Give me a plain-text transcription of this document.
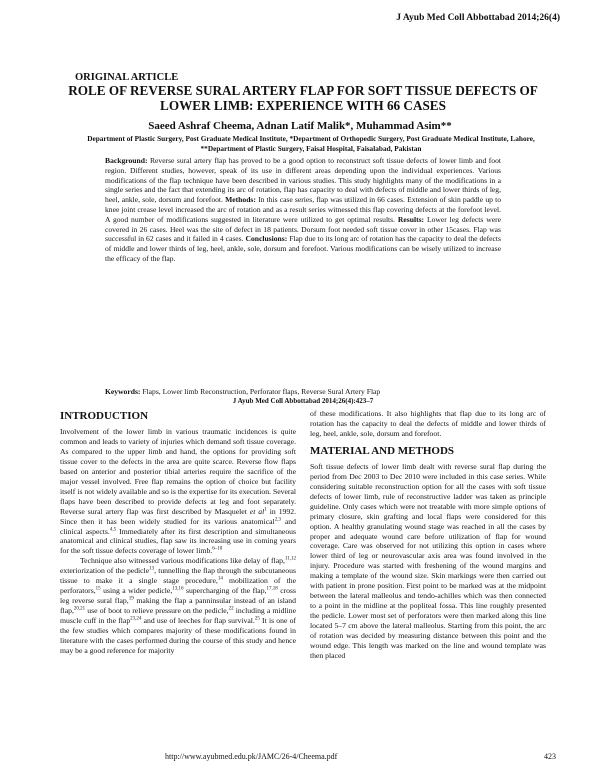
J Ayub Med Coll Abbottabad 2014;26(4)
ORIGINAL ARTICLE
ROLE OF REVERSE SURAL ARTERY FLAP FOR SOFT TISSUE DEFECTS OF LOWER LIMB: EXPERIENCE WITH 66 CASES
Saeed Ashraf Cheema, Adnan Latif Malik*, Muhammad Asim**
Department of Plastic Surgery, Post Graduate Medical Institute, *Department of Orthopedic Surgery, Post Graduate Medical Institute, Lahore, **Department of Plastic Surgery, Faisal Hospital, Faisalabad, Pakistan

Background: Reverse sural artery flap has proved to be a good option to reconstruct soft tissue defects of lower limb and foot region. Different studies, however, speak of its use in different areas depending upon the individual experiences. Various modifications of the flap technique have been described in various studies. This study highlights many of the modifications in a single series and the fact that extending its arc of rotation, flap has capacity to deal with defects of middle and lower thirds of leg, heel, ankle, sole, dorsum and forefoot. Methods: In this case series, flap was utilized in 66 cases. Extension of skin paddle up to knee joint crease level increased the arc of rotation and as a result series witnessed this flap covering defects at the forefoot level. A good number of modifications suggested in literature were utilized to get optimal results. Results: Lower leg defects were covered in 26 cases. Heel was the site of defect in 18 patients. Dorsum foot needed soft tissue cover in other 15cases. Flap was successful in 62 cases and it failed in 4 cases. Conclusions: Flap due to its long arc of rotation has the capacity to deal the defects of middle and lower thirds of leg, heel, ankle, sole, dorsum and forefoot. Various modifications can be wisely utilized to increase the efficacy of the flap.

Keywords: Flaps, Lower limb Reconstruction, Perforator flaps, Reverse Sural Artery Flap

J Ayub Med Coll Abbottabad 2014;26(4):423–7
INTRODUCTION

Involvement of the lower limb in various traumatic incidences is quite common and leads to variety of injuries which demand soft tissue coverage. As compared to the upper limb and hand, the options for providing soft tissue cover to the defects in the area are quite scarce. Reverse flow flaps based on anterior and posterior tibial arteries require the sacrifice of the major vessel involved. Free flap remains the option of choice but facility itself is not widely available and so is the expertise for its execution. Several flaps have been described to provide defects at leg and foot separately. Reverse sural artery flap was first described by Masquelet et $al^1$ in 1992. Since then it has been widely studied for its various anatomical$^{2,3}$ and clinical aspects.$^{4,5}$ Immediately after its first description and simultaneous anatomical and clinical studies, flap saw its increasing use in coming years for the soft tissue defects coverage of lower limb.$^{6-10}$

Technique also witnessed various modifications like delay of flap,$^{11,12}$ exteriorization of the pedicle$^{13}$, tunnelling the flap through the subcutaneous tissue to make it a single stage procedure,$^{14}$ mobilization of the perforators,$^{15}$ using a wider pedicle,$^{13,16}$ supercharging of the flap,$^{17,18}$ cross leg reverse sural flap,$^{19}$ making the flap a panninsular instead of an island flap,$^{20,21}$ use of boot to relieve pressure on the pedicle,$^{22}$ including a midline muscle cuff in the flap$^{23,24}$ and use of leeches for flap survival.$^{25}$ It is one of the few studies which compares majority of these modifications found in literature with the cases performed during the course of this study and hence may be a good reference for majority

of these modifications. It also highlights that flap due to its long arc of rotation has the capacity to deal the defects of middle and lower thirds of leg, heel, ankle, sole, dorsum and forefoot.

MATERIAL AND METHODS

Soft tissue defects of lower limb dealt with reverse sural flap during the period from Dec 2003 to Dec 2010 were included in this case series. While considering suitable reconstruction option for all the cases with soft tissue defects of lower limb, rule of reconstructive ladder was taken as principle guideline. Only cases which were not treatable with more simple options of primary closure, skin grafting and local flaps were considered for this option. A healthy granulating wound stage was reached in all the cases by proper and adequate wound care before utilization of flap for wound coverage. Care was observed for not utilizing this option in cases where lower third of leg or neurovascular axis area was found involved in the injury. Procedure was started with freshening of the wound margins and making a template of the wound size. Skin markings were then carried out with patient in prone position. First point to be marked was at the midpoint between the lateral malleolus and tendo-achilles which was then connected to a point in the midline at the popliteal fossa. This line roughly presented the pedicle. Lower most set of perforators were then marked along this line located 5–7 cm above the lateral malleolus. Starting from this point, the arc of rotation was decided by measuring distance between this point and the wound edge. This length was marked on the line and wound template was then placed

http://www.ayubmed.edu.pk/JAMC/26-4/Cheema.pdf	423
